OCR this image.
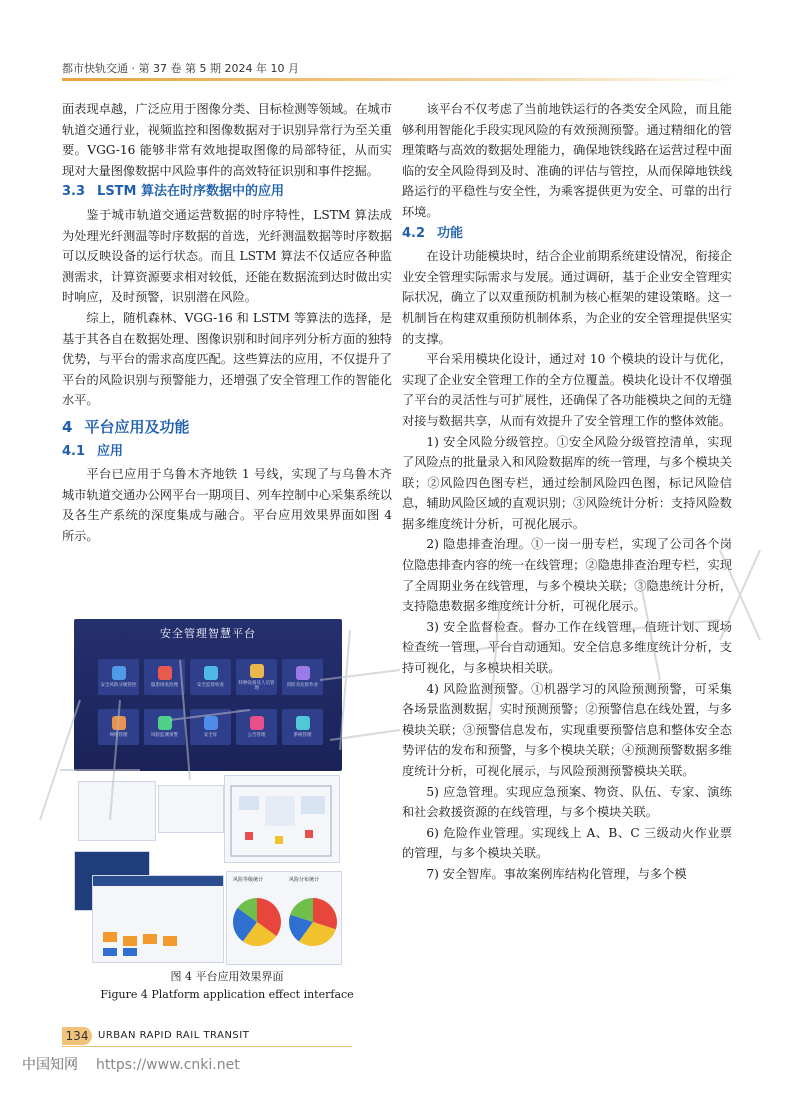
都市快轨交通 · 第 37 卷 第 5 期 2024 年 10 月

面表现卓越，广泛应用于图像分类、目标检测等领域。在城市轨道交通行业，视频监控和图像数据对于识别异常行为至关重要。VGG-16 能够非常有效地提取图像的局部特征，从而实现对大量图像数据中风险事件的高效特征识别和事件挖掘。

3.3 LSTM 算法在时序数据中的应用

鉴于城市轨道交通运营数据的时序特性，LSTM 算法成为处理光纤测温等时序数据的首选，光纤测温数据等时序数据可以反映设备的运行状态。而且 LSTM 算法不仅适应各种监测需求，计算资源要求相对较低，还能在数据流到达时做出实时响应，及时预警，识别潜在风险。

综上，随机森林、VGG-16 和 LSTM 等算法的选择，是基于其各自在数据处理、图像识别和时间序列分析方面的独特优势，与平台的需求高度匹配。这些算法的应用，不仅提升了平台的风险识别与预警能力，还增强了安全管理工作的智能化水平。

4 平台应用及功能
4.1 应用

平台已应用于乌鲁木齐地铁 1 号线，实现了与乌鲁木齐城市轨道交通办公网平台一期项目、列车控制中心采集系统以及各生产系统的深度集成与融合。平台应用效果界面如图 4 所示。

安全管理智慧平台
安全风险分级管控	隐患排查治理	安全监督检查	特种设备及人员管理	消防及危险作业
网络管理	风险监测预警	安全库	公告管理	系统管理
风险等级统计	风险分布统计
图 4 平台应用效果界面
Figure 4 Platform application effect interface

该平台不仅考虑了当前地铁运行的各类安全风险，而且能够利用智能化手段实现风险的有效预测预警。通过精细化的管理策略与高效的数据处理能力，确保地铁线路在运营过程中面临的安全风险得到及时、准确的评估与管控，从而保障地铁线路运行的平稳性与安全性，为乘客提供更为安全、可靠的出行环境。

4.2 功能

在设计功能模块时，结合企业前期系统建设情况，衔接企业安全管理实际需求与发展。通过调研，基于企业安全管理实际状况，确立了以双重预防机制为核心框架的建设策略。这一机制旨在构建双重预防机制体系，为企业的安全管理提供坚实的支撑。

平台采用模块化设计，通过对 10 个模块的设计与优化，实现了企业安全管理工作的全方位覆盖。模块化设计不仅增强了平台的灵活性与可扩展性，还确保了各功能模块之间的无缝对接与数据共享，从而有效提升了安全管理工作的整体效能。

1) 安全风险分级管控。①安全风险分级管控清单，实现了风险点的批量录入和风险数据库的统一管理，与多个模块关联；②风险四色图专栏，通过绘制风险四色图，标记风险信息，辅助风险区域的直观识别；③风险统计分析：支持风险数据多维度统计分析，可视化展示。

2) 隐患排查治理。①一岗一册专栏，实现了公司各个岗位隐患排查内容的统一在线管理；②隐患排查治理专栏，实现了全周期业务在线管理，与多个模块关联；③隐患统计分析，支持隐患数据多维度统计分析，可视化展示。

3) 安全监督检查。督办工作在线管理，值班计划、现场检查统一管理，平台自动通知。安全信息多维度统计分析，支持可视化，与多模块相关联。

4) 风险监测预警。①机器学习的风险预测预警，可采集各场景监测数据，实时预测预警；②预警信息在线处置，与多模块关联；③预警信息发布，实现重要预警信息和整体安全态势评估的发布和预警，与多个模块关联；④预测预警数据多维度统计分析，可视化展示，与风险预测预警模块关联。

5) 应急管理。实现应急预案、物资、队伍、专家、演练和社会救援资源的在线管理，与多个模块关联。

6) 危险作业管理。实现线上 A、B、C 三级动火作业票的管理，与多个模块关联。

7) 安全智库。事故案例库结构化管理，与多个模

134 URBAN RAPID RAIL TRANSIT
中国知网 https://www.cnki.net
